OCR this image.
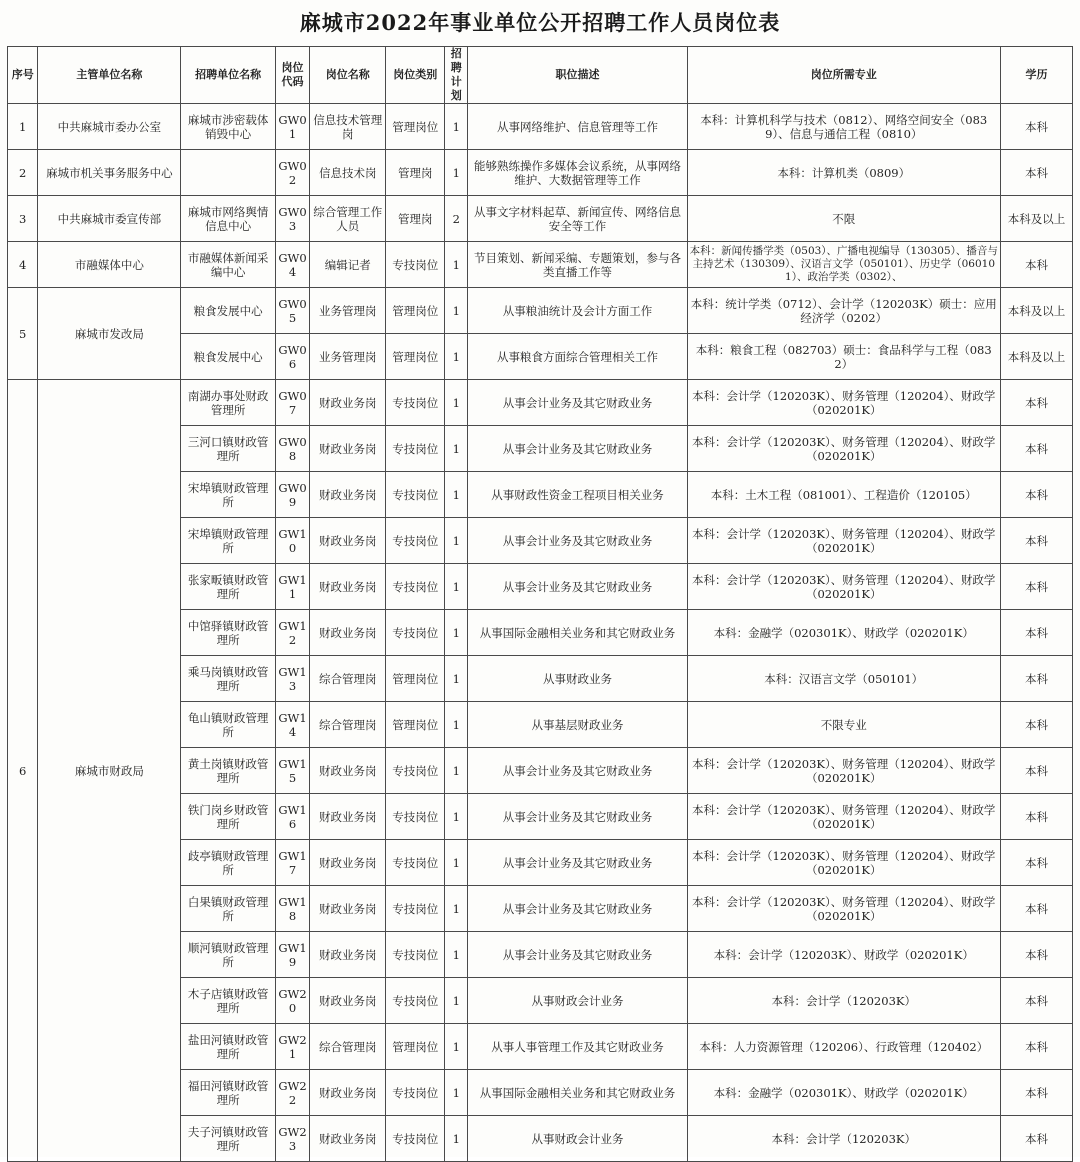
麻城市2022年事业单位公开招聘工作人员岗位表
序号	主管单位名称	招聘单位名称	岗位代码	岗位名称	岗位类别	招聘计划	职位描述	岗位所需专业	学历
1	中共麻城市委办公室	麻城市涉密载体销毁中心	GW01	信息技术管理岗	管理岗位	1	从事网络维护、信息管理等工作	本科：计算机科学与技术（0812）、网络空间安全（0839）、信息与通信工程（0810）	本科
2	麻城市机关事务服务中心		GW02	信息技术岗	管理岗	1	能够熟练操作多媒体会议系统，从事网络维护、大数据管理等工作	本科：计算机类（0809）	本科
3	中共麻城市委宣传部	麻城市网络舆情信息中心	GW03	综合管理工作人员	管理岗	2	从事文字材料起草、新闻宣传、网络信息安全等工作	不限	本科及以上
4	市融媒体中心	市融媒体新闻采编中心	GW04	编辑记者	专技岗位	1	节目策划、新闻采编、专题策划，参与各类直播工作等	本科：新闻传播学类（0503）、广播电视编导（130305）、播音与主持艺术（130309）、汉语言文学（050101）、历史学（060101）、政治学类（0302）、	本科
5	麻城市发改局	粮食发展中心	GW05	业务管理岗	管理岗位	1	从事粮油统计及会计方面工作	本科：统计学类（0712）、会计学（120203K）硕士：应用经济学（0202）	本科及以上
		粮食发展中心	GW06	业务管理岗	管理岗位	1	从事粮食方面综合管理相关工作	本科：粮食工程（082703）硕士：食品科学与工程（0832）	本科及以上
6	麻城市财政局	南湖办事处财政管理所	GW07	财政业务岗	专技岗位	1	从事会计业务及其它财政业务	本科：会计学（120203K）、财务管理（120204）、财政学（020201K）	本科
		三河口镇财政管理所	GW08	财政业务岗	专技岗位	1	从事会计业务及其它财政业务	本科：会计学（120203K）、财务管理（120204）、财政学（020201K）	本科
		宋埠镇财政管理所	GW09	财政业务岗	专技岗位	1	从事财政性资金工程项目相关业务	本科：土木工程（081001）、工程造价（120105）	本科
		宋埠镇财政管理所	GW10	财政业务岗	专技岗位	1	从事会计业务及其它财政业务	本科：会计学（120203K）、财务管理（120204）、财政学（020201K）	本科
		张家畈镇财政管理所	GW11	财政业务岗	专技岗位	1	从事会计业务及其它财政业务	本科：会计学（120203K）、财务管理（120204）、财政学（020201K）	本科
		中馆驿镇财政管理所	GW12	财政业务岗	专技岗位	1	从事国际金融相关业务和其它财政业务	本科：金融学（020301K）、财政学（020201K）	本科
		乘马岗镇财政管理所	GW13	综合管理岗	管理岗位	1	从事财政业务	本科：汉语言文学（050101）	本科
		龟山镇财政管理所	GW14	综合管理岗	管理岗位	1	从事基层财政业务	不限专业	本科
		黄土岗镇财政管理所	GW15	财政业务岗	专技岗位	1	从事会计业务及其它财政业务	本科：会计学（120203K）、财务管理（120204）、财政学（020201K）	本科
		铁门岗乡财政管理所	GW16	财政业务岗	专技岗位	1	从事会计业务及其它财政业务	本科：会计学（120203K）、财务管理（120204）、财政学（020201K）	本科
		歧亭镇财政管理所	GW17	财政业务岗	专技岗位	1	从事会计业务及其它财政业务	本科：会计学（120203K）、财务管理（120204）、财政学（020201K）	本科
		白果镇财政管理所	GW18	财政业务岗	专技岗位	1	从事会计业务及其它财政业务	本科：会计学（120203K）、财务管理（120204）、财政学（020201K）	本科
		顺河镇财政管理所	GW19	财政业务岗	专技岗位	1	从事会计业务及其它财政业务	本科：会计学（120203K）、财政学（020201K）	本科
		木子店镇财政管理所	GW20	财政业务岗	专技岗位	1	从事财政会计业务	本科：会计学（120203K）	本科
		盐田河镇财政管理所	GW21	综合管理岗	管理岗位	1	从事人事管理工作及其它财政业务	本科：人力资源管理（120206）、行政管理（120402）	本科
		福田河镇财政管理所	GW22	财政业务岗	专技岗位	1	从事国际金融相关业务和其它财政业务	本科：金融学（020301K）、财政学（020201K）	本科
		夫子河镇财政管理所	GW23	财政业务岗	专技岗位	1	从事财政会计业务	本科：会计学（120203K）	本科
